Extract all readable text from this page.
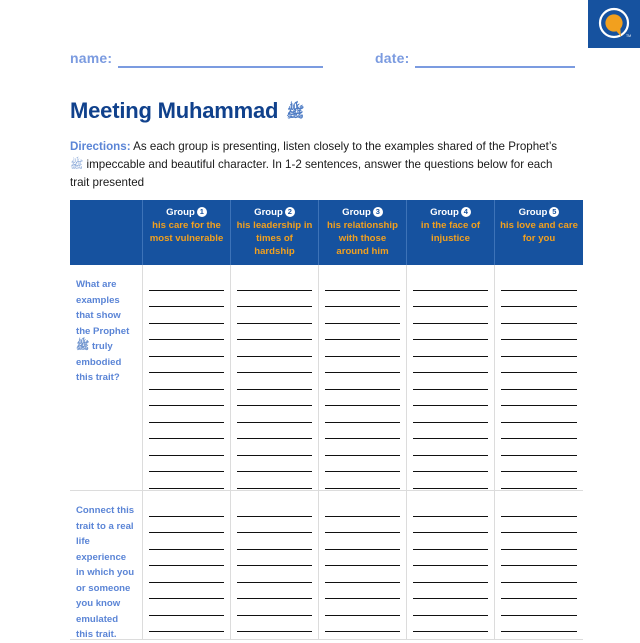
TM
name:	date:
Meeting Muhammad ﷺ
Directions: As each group is presenting, listen closely to the examples shared of the Prophet’s ﷺ impeccable and beautiful character. In 1-2 sentences, answer the questions below for each trait presented
Group 1
his care for the most vulnerable
Group 2
his leadership in times of hardship
Group 3
his relationship with those around him
Group 4
in the face of injustice
Group 5
his love and care for you
What are examples that show the Prophet ﷺ truly embodied this trait?
Connect this trait to a real life experience in which you or someone you know emulated this trait.
